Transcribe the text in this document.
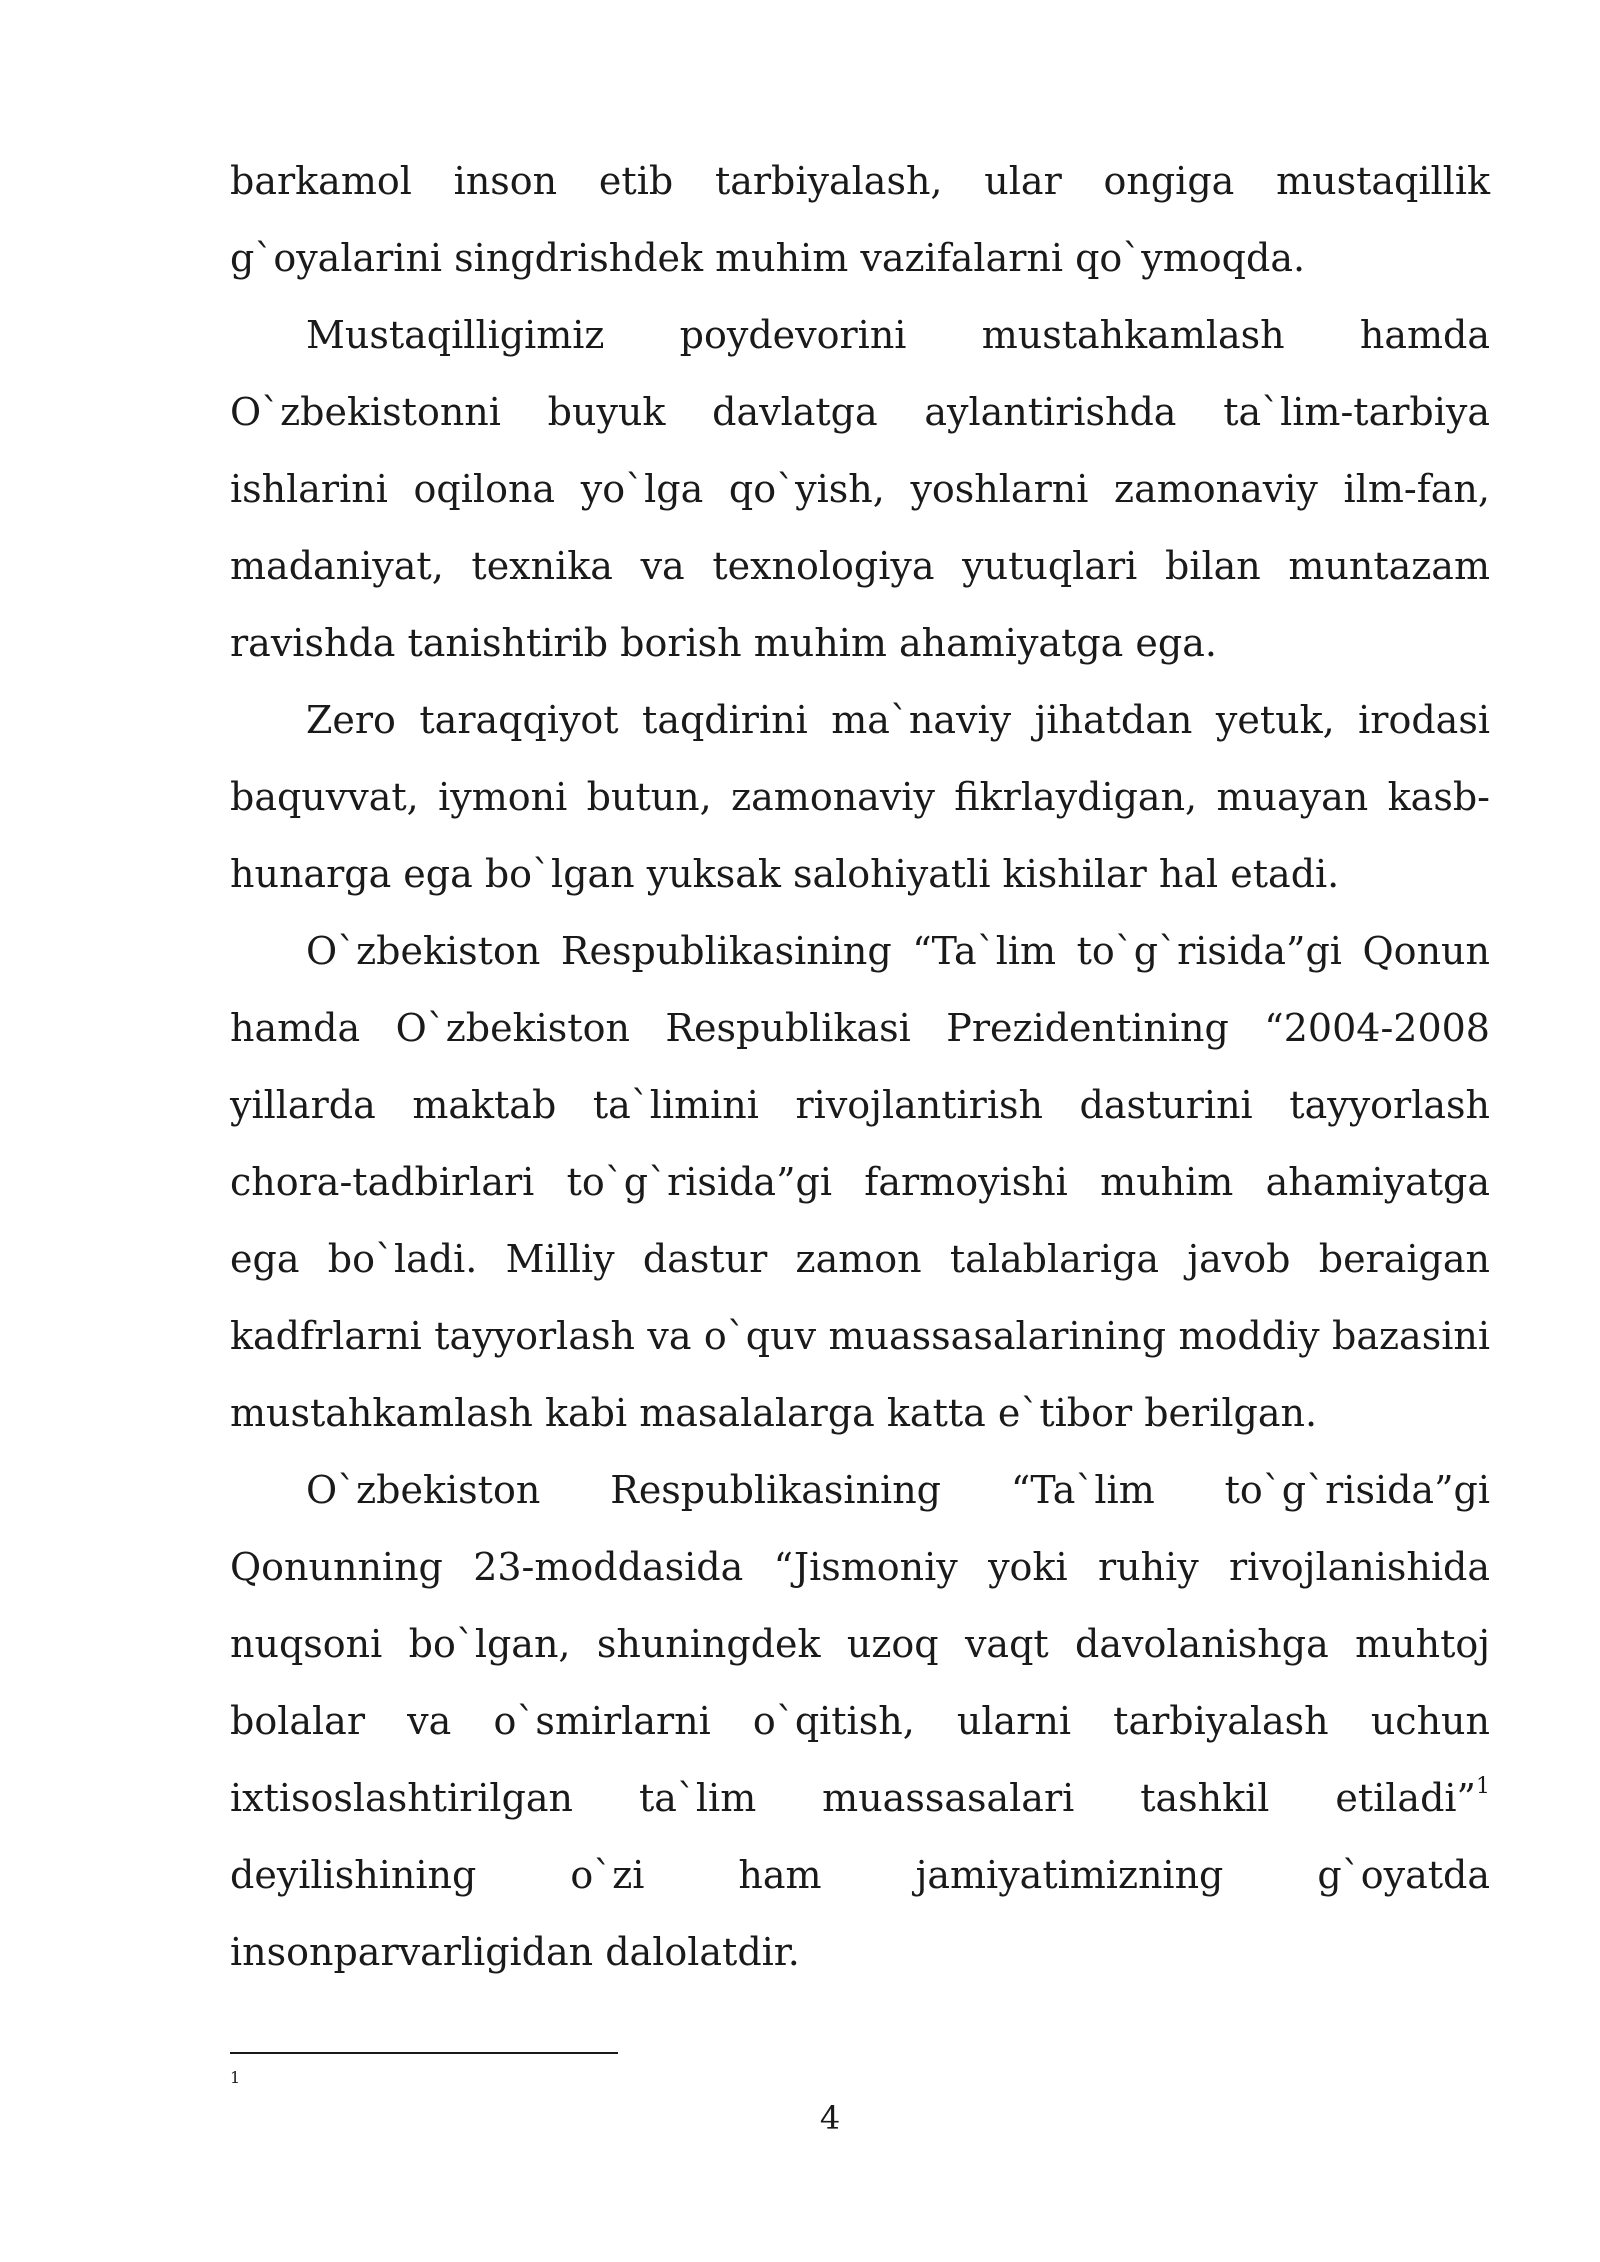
barkamol inson etib tarbiyalash, ular ongiga mustaqillik g`oyalarini singdrishdek muhim vazifalarni qo`ymoqda.

Mustaqilligimiz poydevorini mustahkamlash hamda O`zbekistonni buyuk davlatga aylantirishda ta`lim-tarbiya ishlarini oqilona yo`lga qo`yish, yoshlarni zamonaviy ilm-fan, madaniyat, texnika va texnologiya yutuqlari bilan muntazam ravishda tanishtirib borish muhim ahamiyatga ega.

Zero taraqqiyot taqdirini ma`naviy jihatdan yetuk, irodasi baquvvat, iymoni butun, zamonaviy fikrlaydigan, muayan kasb-hunarga ega bo`lgan yuksak salohiyatli kishilar hal etadi.

O`zbekiston Respublikasining “Ta`lim to`g`risida”gi Qonun hamda O`zbekiston Respublikasi Prezidentining “2004-2008 yillarda maktab ta`limini rivojlantirish dasturini tayyorlash chora-tadbirlari to`g`risida”gi farmoyishi muhim ahamiyatga ega bo`ladi. Milliy dastur zamon talablariga javob beraigan kadfrlarni tayyorlash va o`quv muassasalarining moddiy bazasini mustahkamlash kabi masalalarga katta e`tibor berilgan.

O`zbekiston Respublikasining “Ta`lim to`g`risida”gi Qonunning 23-moddasida “Jismoniy yoki ruhiy rivojlanishida nuqsoni bo`lgan, shuningdek uzoq vaqt davolanishga muhtoj bolalar va o`smirlarni o`qitish, ularni tarbiyalash uchun ixtisoslashtirilgan ta`lim muassasalari tashkil etiladi”$^1$ deyilishining o`zi ham jamiyatimizning g`oyatda insonparvarligidan dalolatdir.

1
4
